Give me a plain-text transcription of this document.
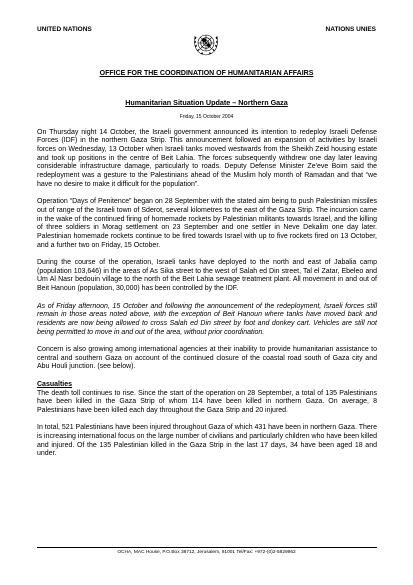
UNITED NATIONS	NATIONS UNIES
OFFICE FOR THE COORDINATION OF HUMANITARIAN AFFAIRS
Humanitarian Situation Update – Northern Gaza
Friday, 15 October 2004

On Thursday night 14 October, the Israeli government announced its intention to redeploy Israeli Defense Forces (IDF) in the northern Gaza Strip. This announcement followed an expansion of activities by Israeli forces on Wednesday, 13 October when Israeli tanks moved westwards from the Sheikh Zeid housing estate and took up positions in the centre of Beit Lahia. The forces subsequently withdrew one day later leaving considerable infrastructure damage, particularly to roads. Deputy Defense Minister Ze'eve Boim said the redeployment was a gesture to the Palestinians ahead of the Muslim holy month of Ramadan and that “we have no desire to make it difficult for the population”.

Operation “Days of Penitence” began on 28 September with the stated aim being to push Palestinian missiles out of range of the Israeli town of Sderot, several kilometres to the east of the Gaza Strip. The incursion came in the wake of the continued firing of homemade rockets by Palestinian militants towards Israel, and the killing of three soldiers in Morag settlement on 23 September and one settler in Neve Dekalim one day later. Palestinian homemade rockets continue to be fired towards Israel with up to five rockets fired on 13 October, and a further two on Friday, 15 October.

During the course of the operation, Israeli tanks have deployed to the north and east of Jabalia camp (population 103,646) in the areas of As Sika street to the west of Salah ed Din street, Tal el Zatar, Ebeleo and Um Al Nasr bedouin village to the north of the Beit Lahia sewage treatment plant. All movement in and out of Beit Hanoun (population, 30,000) has been controlled by the IDF.

As of Friday afternoon, 15 October and following the announcement of the redeployment, Israeli forces still remain in those areas noted above, with the exception of Beit Hanoun where tanks have moved back and residents are now being allowed to cross Salah ed Din street by foot and donkey cart. Vehicles are still not being permitted to move in and out of the area, without prior coordination.

Concern is also growing among international agencies at their inability to provide humanitarian assistance to central and southern Gaza on account of the continued closure of the coastal road south of Gaza city and Abu Houli junction. (see below).

Casualties

The death toll continues to rise. Since the start of the operation on 28 September, a total of 135 Palestinians have been killed in the Gaza Strip of whom 114 have been killed in northern Gaza. On average, 8 Palestinians have been killed each day throughout the Gaza Strip and 20 injured.

In total, 521 Palestinians have been injured throughout Gaza of which 431 have been in northern Gaza. There is increasing international focus on the large number of civilians and particularly children who have been killed and injured. Of the 135 Palestinian killed in the Gaza Strip in the last 17 days, 34 have been aged 18 and under.

OCHA, MAC House, P.O.Box 38712, Jerusalem, 91001 Tel/Fax: +972-(0)2-5829962
